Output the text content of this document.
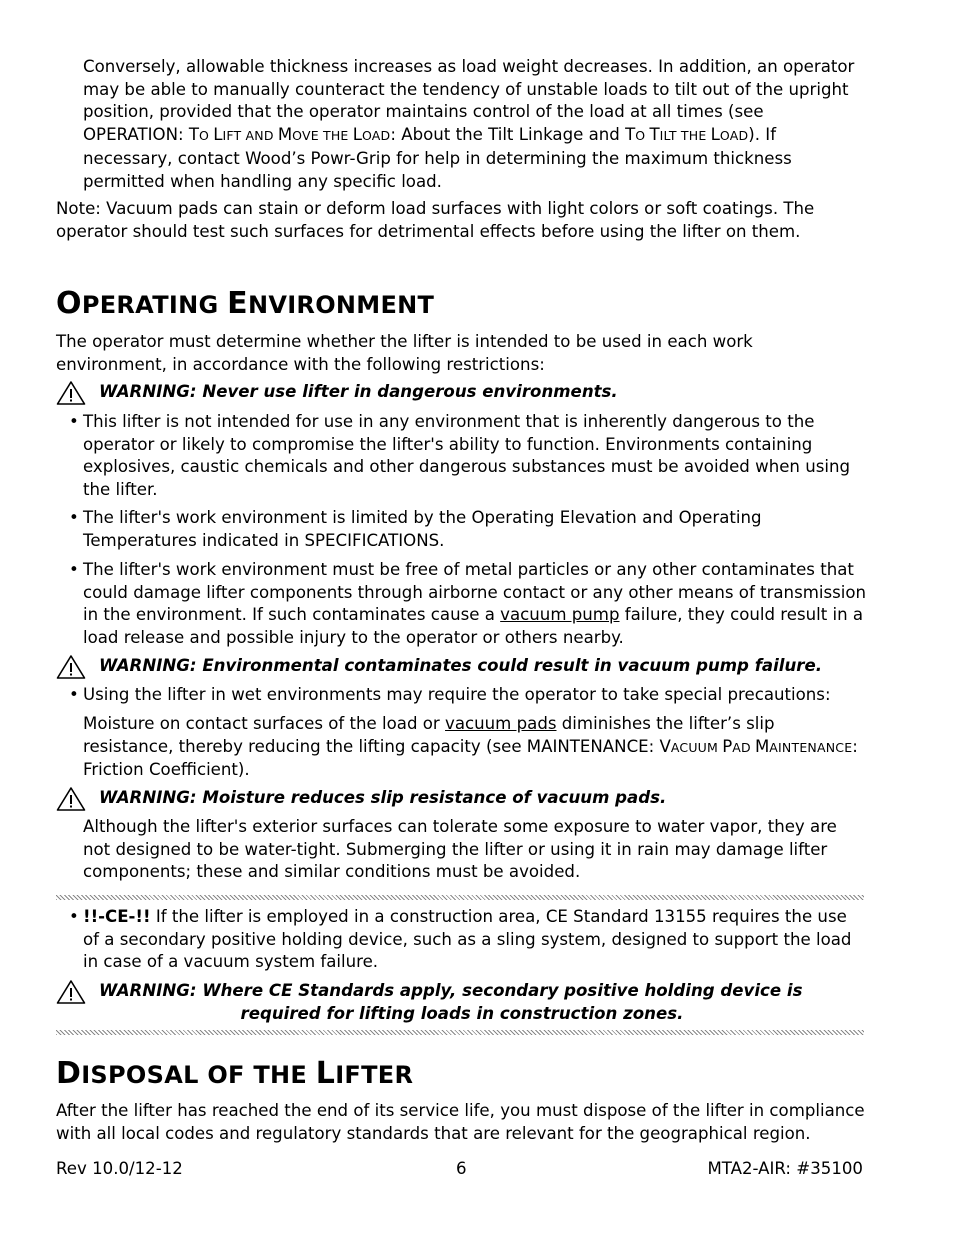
Conversely, allowable thickness increases as load weight decreases. In addition, an operator may be able to manually counteract the tendency of unstable loads to tilt out of the upright position, provided that the operator maintains control of the load at all times (see OPERATION: TO LIFT AND MOVE THE LOAD: About the Tilt Linkage and TO TILT THE LOAD). If necessary, contact Wood’s Powr-Grip for help in determining the maximum thickness permitted when handling any specific load.

Note: Vacuum pads can stain or deform load surfaces with light colors or soft coatings. The operator should test such surfaces for detrimental effects before using the lifter on them.

OPERATING ENVIRONMENT

The operator must determine whether the lifter is intended to be used in each work environment, in accordance with the following restrictions:

WARNING: Never use lifter in dangerous environments.

• This lifter is not intended for use in any environment that is inherently dangerous to the operator or likely to compromise the lifter's ability to function. Environments containing explosives, caustic chemicals and other dangerous substances must be avoided when using the lifter.

• The lifter's work environment is limited by the Operating Elevation and Operating Temperatures indicated in SPECIFICATIONS.

• The lifter's work environment must be free of metal particles or any other contaminates that could damage lifter components through airborne contact or any other means of transmission in the environment. If such contaminates cause a vacuum pump failure, they could result in a load release and possible injury to the operator or others nearby.

WARNING: Environmental contaminates could result in vacuum pump failure.

• Using the lifter in wet environments may require the operator to take special precautions:

Moisture on contact surfaces of the load or vacuum pads diminishes the lifter’s slip resistance, thereby reducing the lifting capacity (see MAINTENANCE: VACUUM PAD MAINTENANCE: Friction Coefficient).

WARNING: Moisture reduces slip resistance of vacuum pads.

Although the lifter's exterior surfaces can tolerate some exposure to water vapor, they are not designed to be water-tight. Submerging the lifter or using it in rain may damage lifter components; these and similar conditions must be avoided.

• !!-CE-!! If the lifter is employed in a construction area, CE Standard 13155 requires the use of a secondary positive holding device, such as a sling system, designed to support the load in case of a vacuum system failure.

WARNING: Where CE Standards apply, secondary positive holding device is
required for lifting loads in construction zones.
DISPOSAL OF THE LIFTER

After the lifter has reached the end of its service life, you must dispose of the lifter in compliance with all local codes and regulatory standards that are relevant for the geographical region.

Rev 10.0/12-12	6	MTA2-AIR: #35100
